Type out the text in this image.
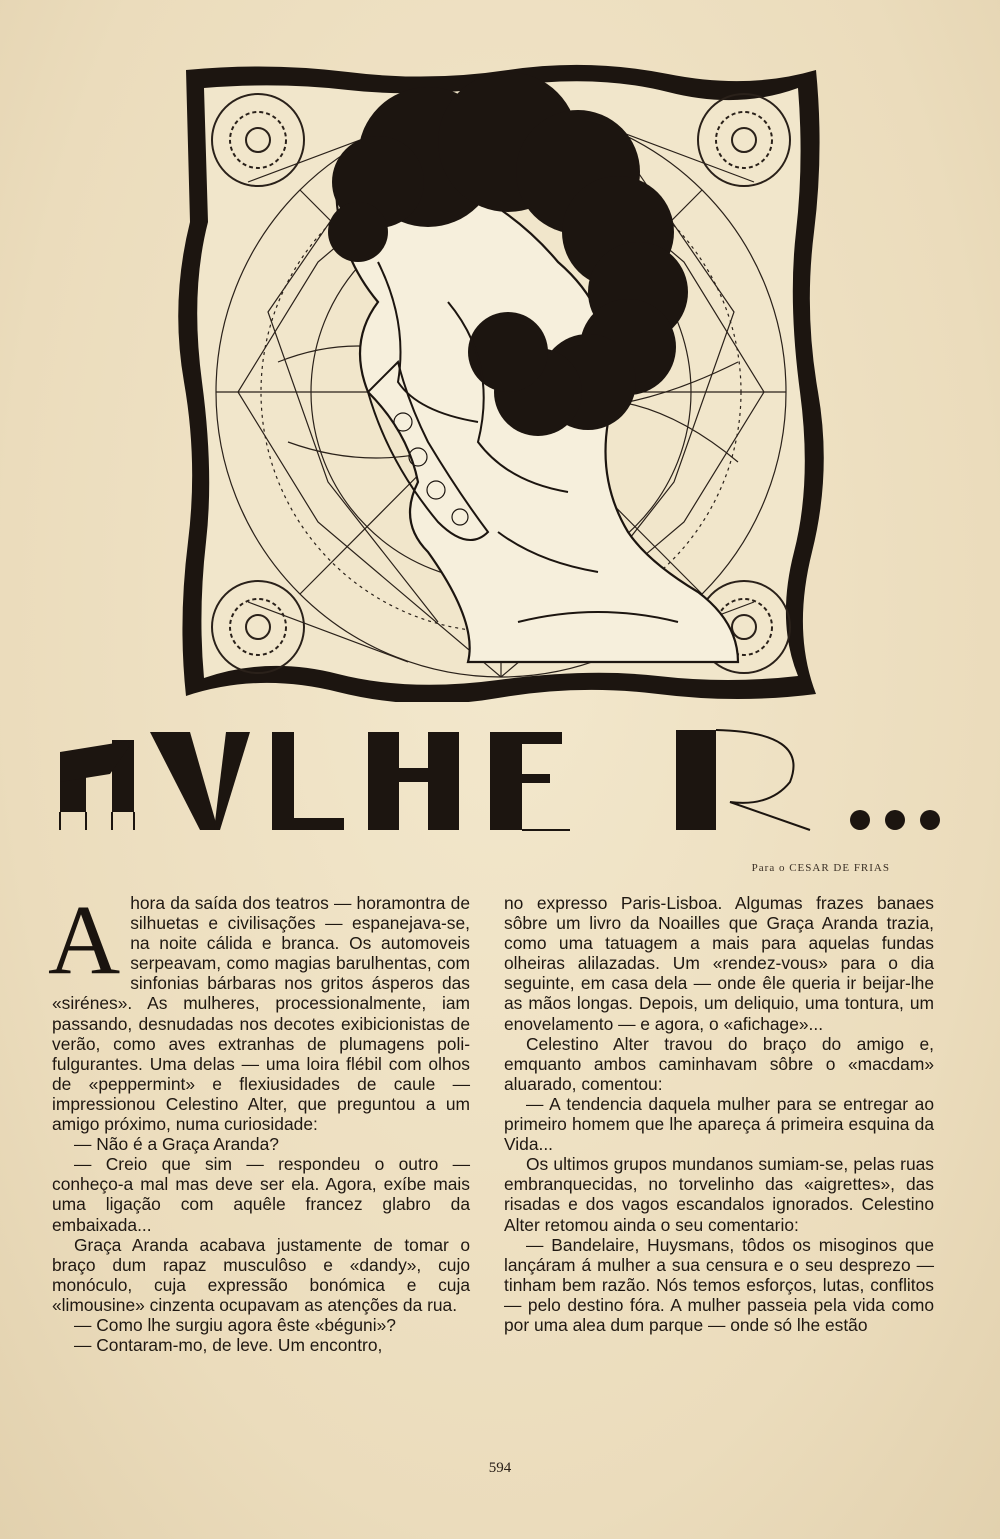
Para o CESAR DE FRIAS

Ahora da saída dos teatros — horamontra de silhuetas e civilisações — espanejava-se, na noite cálida e branca. Os automoveis serpeavam, como magias barulhentas, com sinfonias bárbaras nos gritos ásperos das «sirénes». As mulheres, processionalmente, iam passando, desnudadas nos decotes exibicionistas de verão, como aves extranhas de plumagens poli-fulgurantes. Uma delas — uma loira flébil com olhos de «peppermint» e flexiusidades de caule — impressionou Celestino Alter, que preguntou a um amigo próximo, numa curiosidade:

— Não é a Graça Aranda?

— Creio que sim — respondeu o outro — conheço-a mal mas deve ser ela. Agora, exíbe mais uma ligação com aquêle francez glabro da embaixada...

Graça Aranda acabava justamente de tomar o braço dum rapaz musculôso e «dandy», cujo monóculo, cuja expressão bonómica e cuja «limousine» cinzenta ocupavam as atenções da rua.

— Como lhe surgiu agora êste «béguni»?

— Contaram-mo, de leve. Um encontro,

no expresso Paris-Lisboa. Algumas frazes banaes sôbre um livro da Noailles que Graça Aranda trazia, como uma tatuagem a mais para aquelas fundas olheiras alilazadas. Um «rendez-vous» para o dia seguinte, em casa dela — onde êle queria ir beijar-lhe as mãos longas. Depois, um deliquio, uma tontura, um enovelamento — e agora, o «afichage»...

Celestino Alter travou do braço do amigo e, emquanto ambos caminhavam sôbre o «macdam» aluarado, comentou:

— A tendencia daquela mulher para se entregar ao primeiro homem que lhe apareça á primeira esquina da Vida...

Os ultimos grupos mundanos sumiam-se, pelas ruas embranquecidas, no torvelinho das «aigrettes», das risadas e dos vagos escandalos ignorados. Celestino Alter retomou ainda o seu comentario:

— Bandelaire, Huysmans, tôdos os misoginos que lançáram á mulher a sua censura e o seu desprezo — tinham bem razão. Nós temos esforços, lutas, conflitos — pelo destino fóra. A mulher passeia pela vida como por uma alea dum parque — onde só lhe estão

594
